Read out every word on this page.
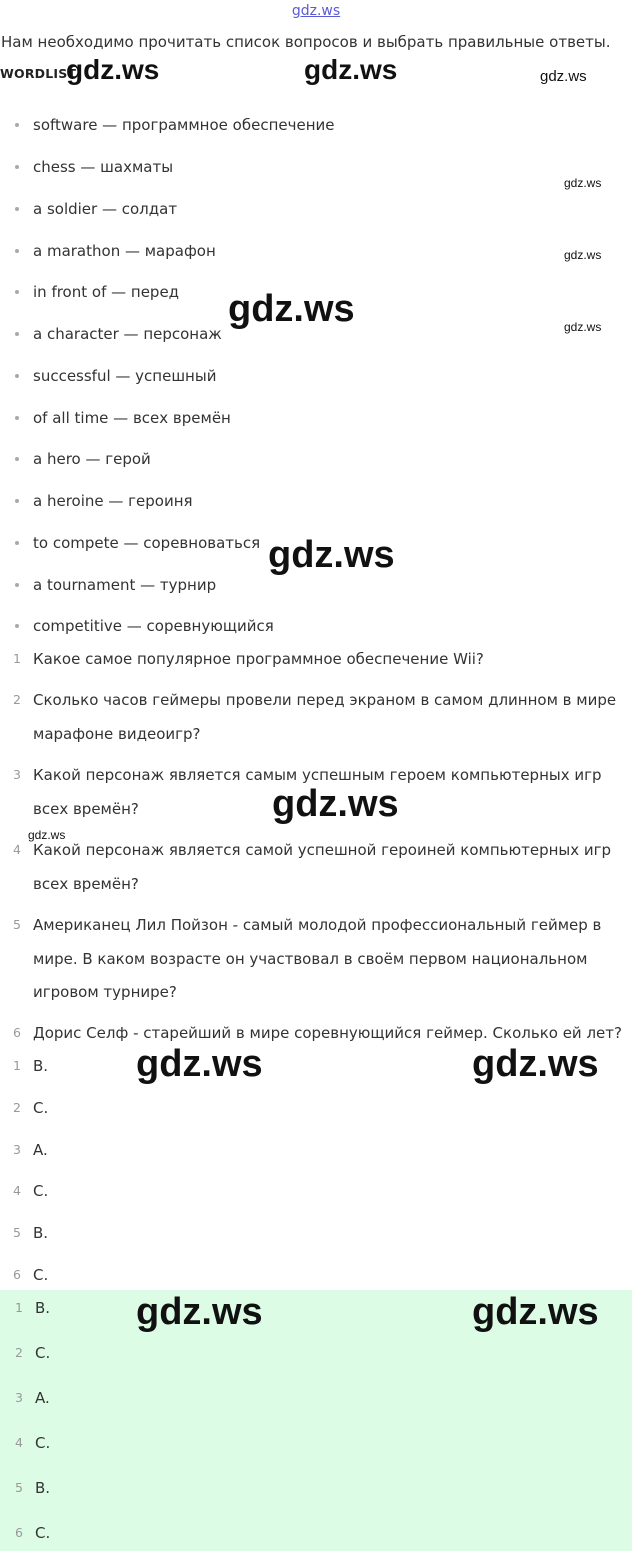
gdz.ws
Нам необходимо прочитать список вопросов и выбрать правильные ответы.
WORDLIST
software — программное обеспечение
chess — шахматы
a soldier — солдат
a marathon — марафон
in front of — перед
a character — персонаж
successful — успешный
of all time — всех времён
a hero — герой
a heroine — героиня
to compete — соревноваться
a tournament — турнир
competitive — соревнующийся
1 Какое самое популярное программное обеспечение Wii?
2 Сколько часов геймеры провели перед экраном в самом длинном в мире марафоне видеоигр?
3 Какой персонаж является самым успешным героем компьютерных игр всех времён?
4 Какой персонаж является самой успешной героиней компьютерных игр всех времён?
5 Американец Лил Пойзон - самый молодой профессиональный геймер в мире. В каком возрасте он участвовал в своём первом национальном игровом турнире?
6 Дорис Селф - старейший в мире соревнующийся геймер. Сколько ей лет?
1 B.
2 C.
3 A.
4 C.
5 B.
6 C.
1 B.
2 C.
3 A.
4 C.
5 B.
6 C.
gdz.ws	gdz.ws	gdz.ws
gdz.ws
gdz.ws
gdz.ws	gdz.ws
gdz.ws
gdz.ws
gdz.ws
gdz.ws	gdz.ws
gdz.ws	gdz.ws
